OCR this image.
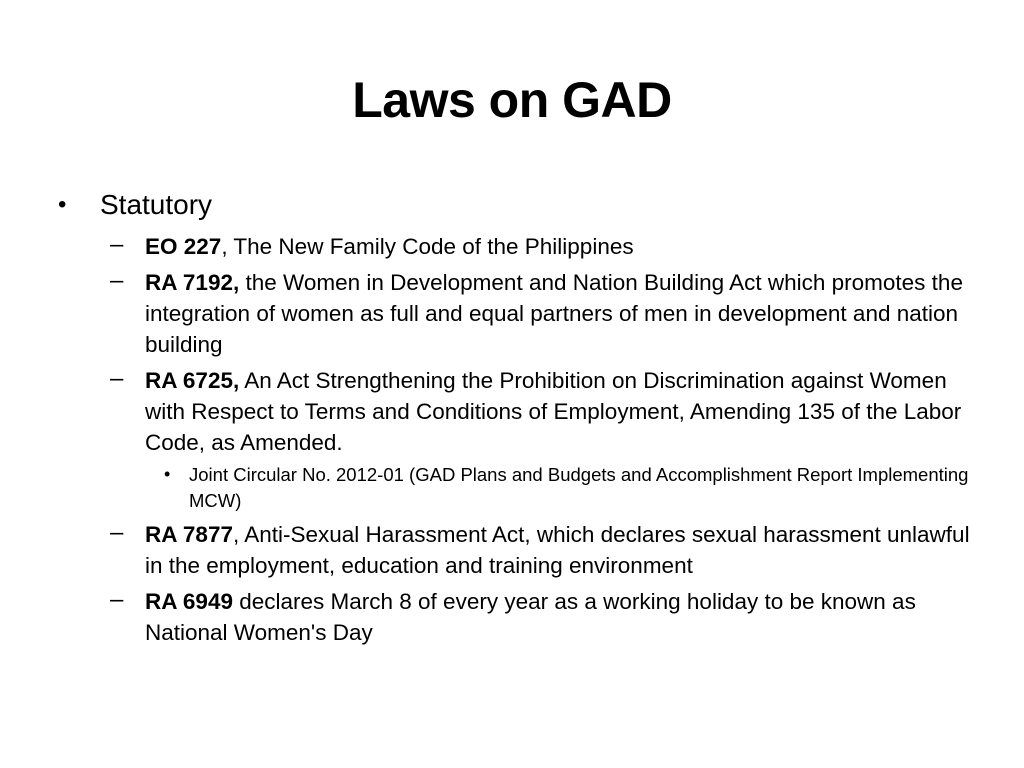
Laws on GAD
• Statutory
– EO 227, The New Family Code of the Philippines
– RA 7192, the Women in Development and Nation Building Act which promotes the integration of women as full and equal partners of men in development and nation building
– RA 6725, An Act Strengthening the Prohibition on Discrimination against Women with Respect to Terms and Conditions of Employment, Amending 135 of the Labor Code, as Amended.
• Joint Circular No. 2012-01 (GAD Plans and Budgets and Accomplishment Report Implementing MCW)
– RA 7877, Anti-Sexual Harassment Act, which declares sexual harassment unlawful in the employment, education and training environment
– RA 6949 declares March 8 of every year as a working holiday to be known as National Women's Day
